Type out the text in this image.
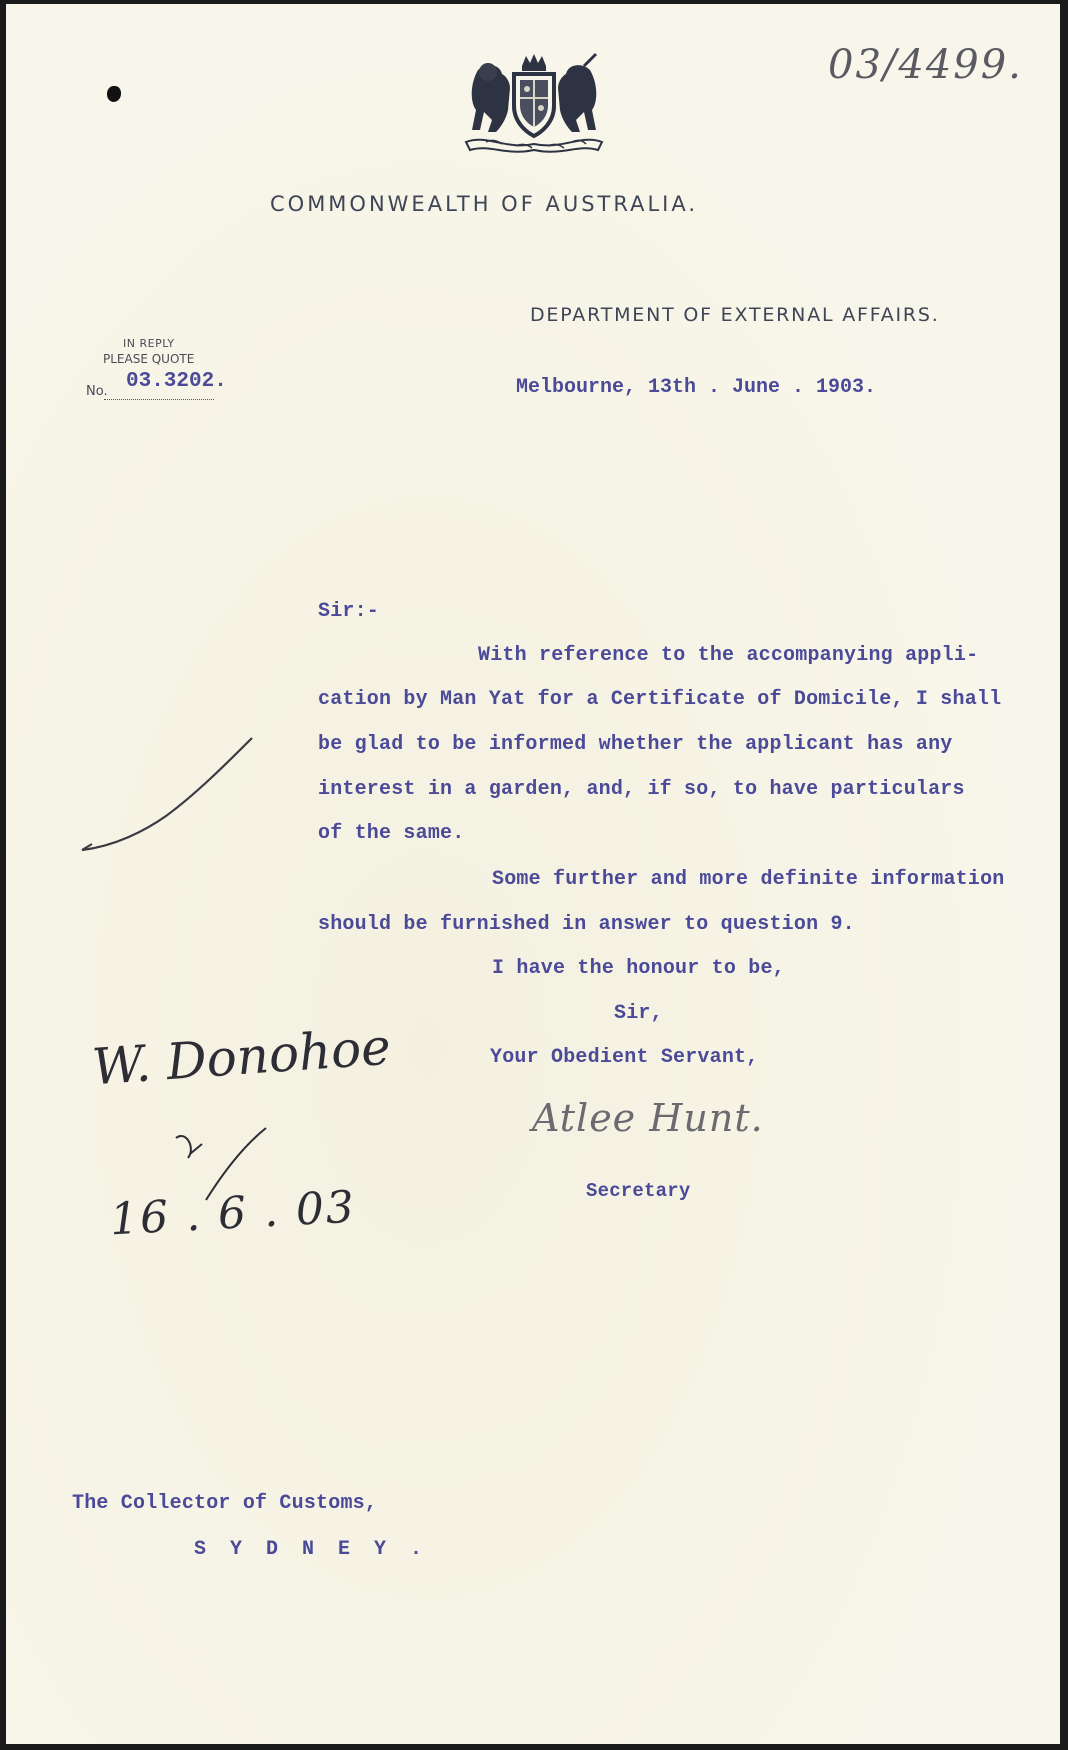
03/4499.
COMMONWEALTH OF AUSTRALIA.
DEPARTMENT OF EXTERNAL AFFAIRS.
IN REPLY
PLEASE QUOTE
No. 03.3202.	Melbourne, 13th . June . 1903.
Sir:-
With reference to the accompanying appli-
cation by Man Yat for a Certificate of Domicile, I shall
be glad to be informed whether the applicant has any
interest in a garden, and, if so, to have particulars
of the same.
Some further and more definite information
should be furnished in answer to question 9.
I have the honour to be,
Sir,
Your Obedient Servant,
Atlee Hunt.
Secretary
W. Donohoe
16 . 6 . 03
The Collector of Customs,
S Y D N E Y .
